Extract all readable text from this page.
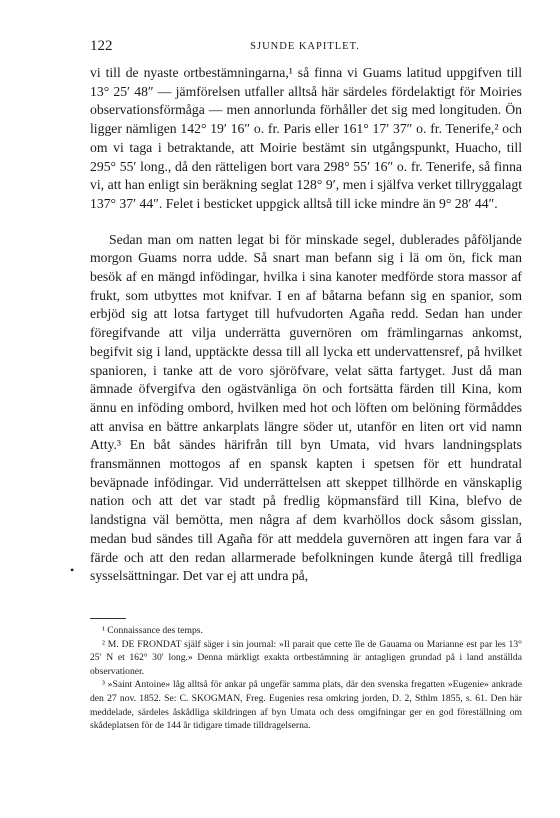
122	SJUNDE KAPITLET.

vi till de nyaste ortbestämningarna,¹ så finna vi Guams latitud uppgifven till 13° 25′ 48″ — jämförelsen utfaller alltså här särdeles fördelaktigt för Moiries observationsförmåga — men annorlunda förhåller det sig med longituden. Ön ligger nämligen 142° 19′ 16″ o. fr. Paris eller 161° 17′ 37″ o. fr. Tenerife,² och om vi taga i betraktande, att Moirie bestämt sin utgångspunkt, Huacho, till 295° 55′ long., då den rätteligen bort vara 298° 55′ 16″ o. fr. Tenerife, så finna vi, att han enligt sin beräkning seglat 128° 9′, men i själfva verket tillryggalagt 137° 37′ 44″. Felet i besticket uppgick alltså till icke mindre än 9° 28′ 44″.

Sedan man om natten legat bi för minskade segel, dublerades påföljande morgon Guams norra udde. Så snart man befann sig i lä om ön, fick man besök af en mängd infödingar, hvilka i sina kanoter medförde stora massor af frukt, som utbyttes mot knifvar. I en af båtarna befann sig en spanior, som erbjöd sig att lotsa fartyget till hufvudorten Agaña redd. Sedan han under föregifvande att vilja underrätta guvernören om främlingarnas ankomst, begifvit sig i land, upptäckte dessa till all lycka ett undervattensref, på hvilket spanioren, i tanke att de voro sjöröfvare, velat sätta fartyget. Just då man ämnade öfvergifva den ogästvänliga ön och fortsätta färden till Kina, kom ännu en inföding ombord, hvilken med hot och löften om belöning förmåddes att anvisa en bättre ankarplats längre söder ut, utanför en liten ort vid namn Atty.³ En båt sändes härifrån till byn Umata, vid hvars landningsplats fransmännen mottogos af en spansk kapten i spetsen för ett hundratal beväpnade infödingar. Vid underrättelsen att skeppet tillhörde en vänskaplig nation och att det var stadt på fredlig köpmansfärd till Kina, blefvo de landstigna väl bemötta, men några af dem kvarhöllos dock såsom gisslan, medan bud sändes till Agaña för att meddela guvernören att ingen fara var å färde och att den redan allarmerade befolkningen kunde återgå till fredliga sysselsättningar. Det var ej att undra på,

•

¹ Connaissance des temps.

² M. DE FRONDAT själf säger i sin journal: »Il parait que cette île de Gauama ou Marianne est par les 13° 25′ N et 162° 30′ long.» Denna märkligt exakta ortbestämning är antagligen grundad på i land anställda observationer.

³ »Saint Antoine» låg alltså för ankar på ungefär samma plats, där den svenska fregatten »Eugenie» ankrade den 27 nov. 1852. Se: C. SKOGMAN, Freg. Eugenies resa omkring jorden, D. 2, Sthlm 1855, s. 61. Den här meddelade, särdeles åskådliga skildringen af byn Umata och dess omgifningar ger en god föreställning om skådeplatsen för de 144 år tidigare timade tilldragelserna.
